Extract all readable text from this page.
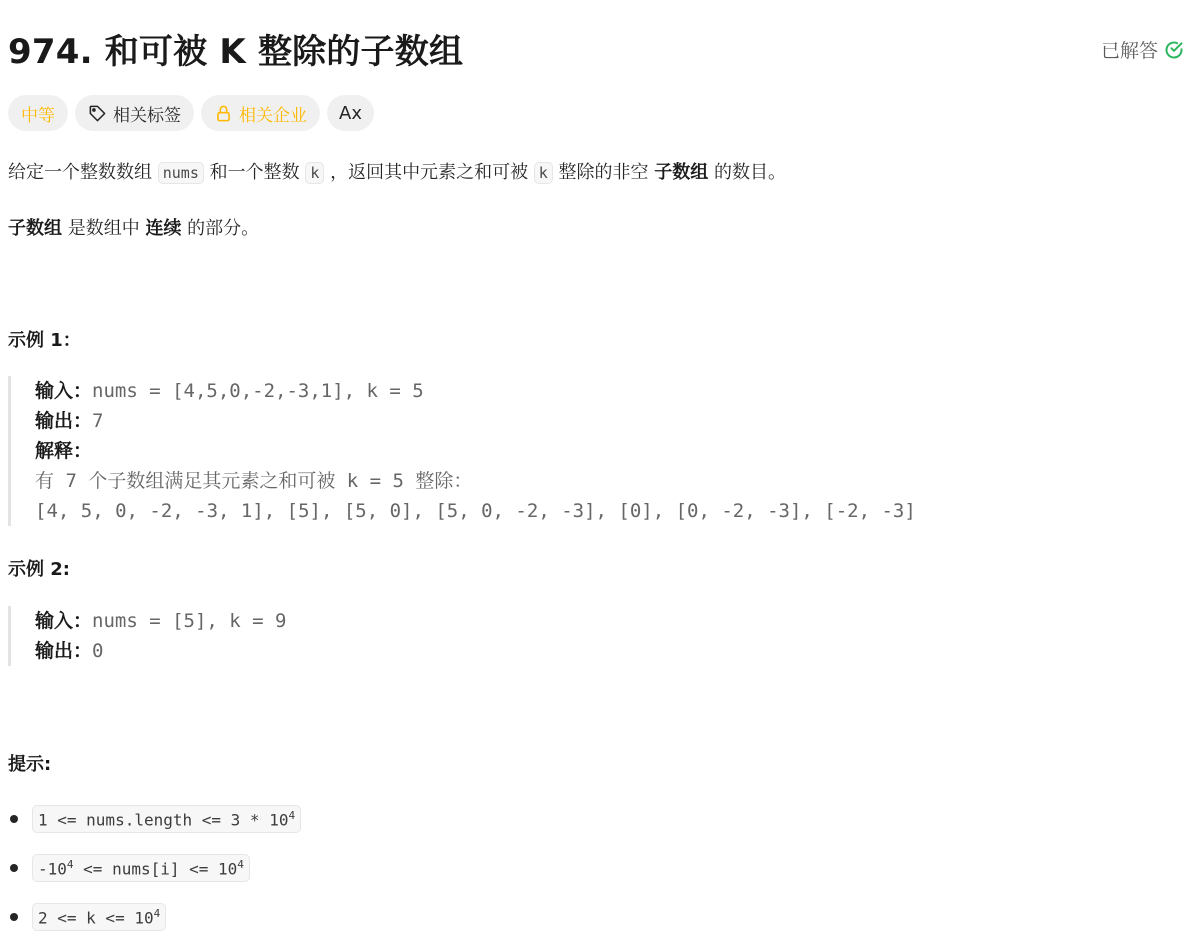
974. 和可被 K 整除的子数组	已解答
中等	相关标签	相关企业 Ax

给定一个整数数组 nums 和一个整数 k ，返回其中元素之和可被 k 整除的非空 子数组 的数目。

子数组 是数组中 连续 的部分。

示例 1：
输入：nums = [4,5,0,-2,-3,1], k = 5
输出：7
解释：
有 7 个子数组满足其元素之和可被 k = 5 整除：
[4, 5, 0, -2, -3, 1], [5], [5, 0], [5, 0, -2, -3], [0], [0, -2, -3], [-2, -3]
示例 2:
输入：nums = [5], k = 9
输出：0
提示:
1 <= nums.length <= $3 * 10^4$
$-10^4$ <= nums[i] <= $10^4$
$2 <= k <= 10^4$
